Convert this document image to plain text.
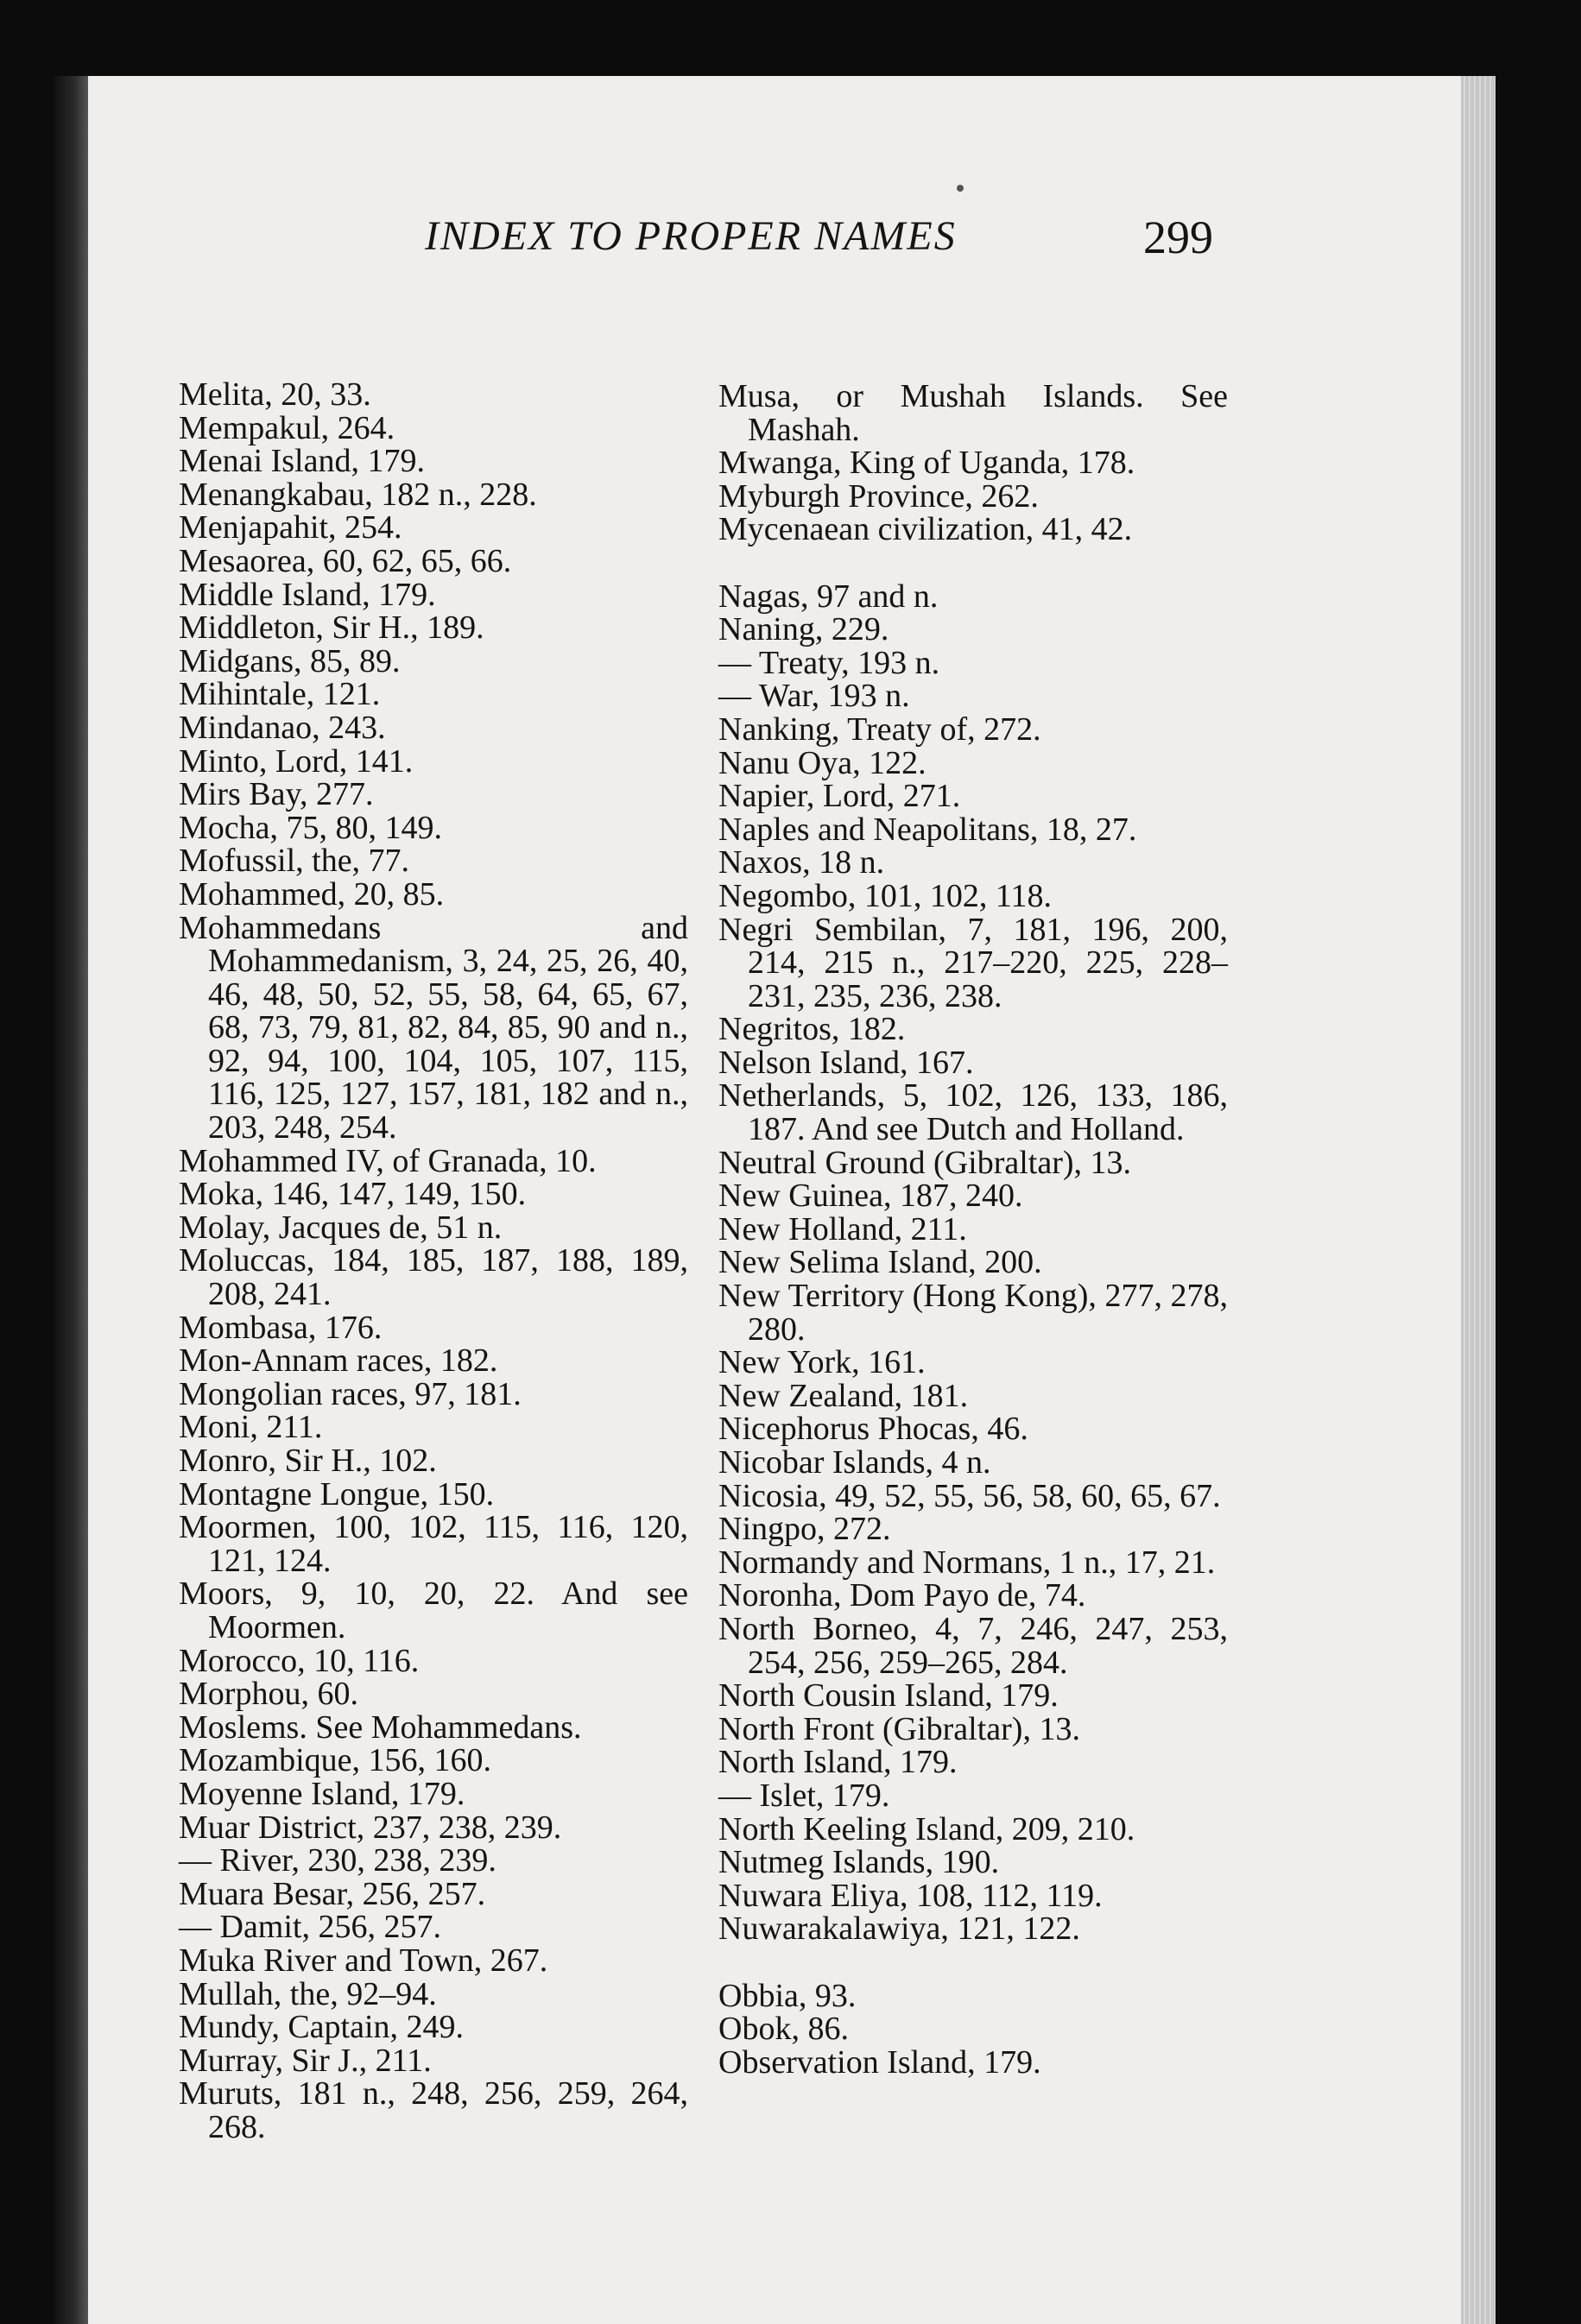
INDEX TO PROPER NAMES	299
Melita, 20, 33.
Mempakul, 264.
Menai Island, 179.
Menangkabau, 182 n., 228.
Menjapahit, 254.
Mesaorea, 60, 62, 65, 66.
Middle Island, 179.
Middleton, Sir H., 189.
Midgans, 85, 89.
Mihintale, 121.
Mindanao, 243.
Minto, Lord, 141.
Mirs Bay, 277.
Mocha, 75, 80, 149.
Mofussil, the, 77.
Mohammed, 20, 85.
Mohammedans and Mohammedanism, 3, 24, 25, 26, 40, 46, 48, 50, 52, 55, 58, 64, 65, 67, 68, 73, 79, 81, 82, 84, 85, 90 and n., 92, 94, 100, 104, 105, 107, 115, 116, 125, 127, 157, 181, 182 and n., 203, 248, 254.
Mohammed IV, of Granada, 10.
Moka, 146, 147, 149, 150.
Molay, Jacques de, 51 n.
Moluccas, 184, 185, 187, 188, 189, 208, 241.
Mombasa, 176.
Mon-Annam races, 182.
Mongolian races, 97, 181.
Moni, 211.
Monro, Sir H., 102.
Montagne Longue, 150.
Moormen, 100, 102, 115, 116, 120, 121, 124.
Moors, 9, 10, 20, 22. And see Moormen.
Morocco, 10, 116.
Morphou, 60.
Moslems. See Mohammedans.
Mozambique, 156, 160.
Moyenne Island, 179.
Muar District, 237, 238, 239.
— River, 230, 238, 239.
Muara Besar, 256, 257.
— Damit, 256, 257.
Muka River and Town, 267.
Mullah, the, 92–94.
Mundy, Captain, 249.
Murray, Sir J., 211.
Muruts, 181 n., 248, 256, 259, 264, 268.
Musa, or Mushah Islands. See Mashah.
Mwanga, King of Uganda, 178.
Myburgh Province, 262.
Mycenaean civilization, 41, 42.
Nagas, 97 and n.
Naning, 229.
— Treaty, 193 n.
— War, 193 n.
Nanking, Treaty of, 272.
Nanu Oya, 122.
Napier, Lord, 271.
Naples and Neapolitans, 18, 27.
Naxos, 18 n.
Negombo, 101, 102, 118.
Negri Sembilan, 7, 181, 196, 200, 214, 215 n., 217–220, 225, 228–231, 235, 236, 238.
Negritos, 182.
Nelson Island, 167.
Netherlands, 5, 102, 126, 133, 186, 187. And see Dutch and Holland.
Neutral Ground (Gibraltar), 13.
New Guinea, 187, 240.
New Holland, 211.
New Selima Island, 200.
New Territory (Hong Kong), 277, 278, 280.
New York, 161.
New Zealand, 181.
Nicephorus Phocas, 46.
Nicobar Islands, 4 n.
Nicosia, 49, 52, 55, 56, 58, 60, 65, 67.
Ningpo, 272.
Normandy and Normans, 1 n., 17, 21.
Noronha, Dom Payo de, 74.
North Borneo, 4, 7, 246, 247, 253, 254, 256, 259–265, 284.
North Cousin Island, 179.
North Front (Gibraltar), 13.
North Island, 179.
— Islet, 179.
North Keeling Island, 209, 210.
Nutmeg Islands, 190.
Nuwara Eliya, 108, 112, 119.
Nuwarakalawiya, 121, 122.
Obbia, 93.
Obok, 86.
Observation Island, 179.
